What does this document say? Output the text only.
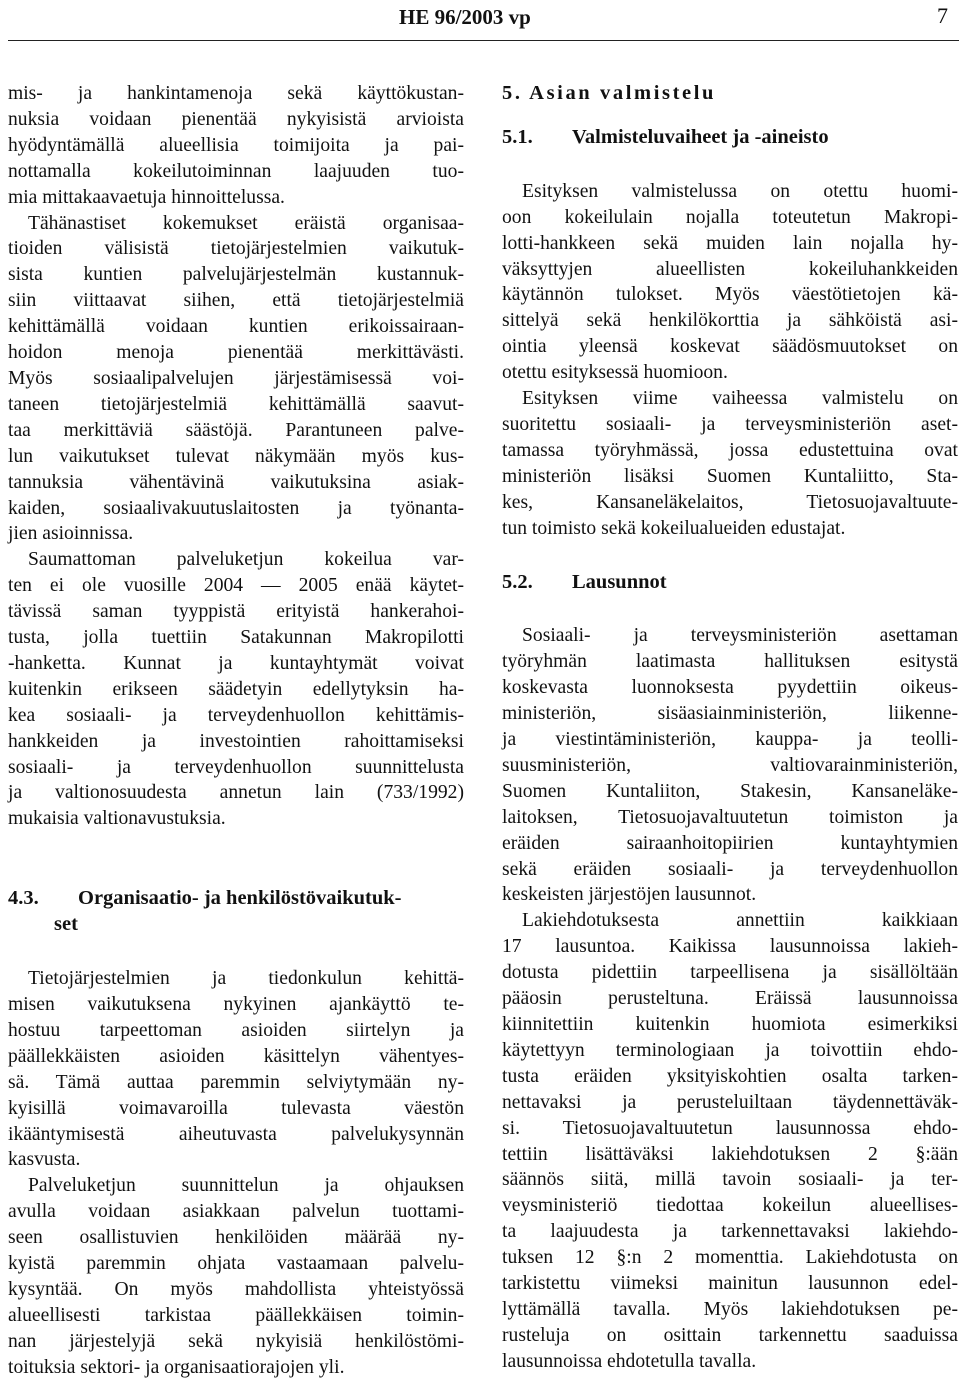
HE 96/2003 vp	7
mis- ja hankintamenoja sekä käyttökustan-
nuksia voidaan pienentää nykyisistä arvioista
hyödyntämällä alueellisia toimijoita ja pai-
nottamalla kokeilutoiminnan laajuuden tuo-
mia mittakaavaetuja hinnoittelussa.
Tähänastiset kokemukset eräistä organisaa-
tioiden välisistä tietojärjestelmien vaikutuk-
sista kuntien palvelujärjestelmän kustannuk-
siin viittaavat siihen, että tietojärjestelmiä
kehittämällä voidaan kuntien erikoissairaan-
hoidon menoja pienentää merkittävästi.
Myös sosiaalipalvelujen järjestämisessä voi-
taneen tietojärjestelmiä kehittämällä saavut-
taa merkittäviä säästöjä. Parantuneen palve-
lun vaikutukset tulevat näkymään myös kus-
tannuksia vähentävinä vaikutuksina asiak-
kaiden, sosiaalivakuutuslaitosten ja työnanta-
jien asioinnissa.
Saumattoman palveluketjun kokeilua var-
ten ei ole vuosille 2004 — 2005 enää käytet-
tävissä saman tyyppistä erityistä hankerahoi-
tusta, jolla tuettiin Satakunnan Makropilotti
-hanketta. Kunnat ja kuntayhtymät voivat
kuitenkin erikseen säädetyin edellytyksin ha-
kea sosiaali- ja terveydenhuollon kehittämis-
hankkeiden ja investointien rahoittamiseksi
sosiaali- ja terveydenhuollon suunnittelusta
ja valtionosuudesta annetun lain (733/1992)
mukaisia valtionavustuksia.
4.3. Organisaatio- ja henkilöstövaikutuk-
set
Tietojärjestelmien ja tiedonkulun kehittä-
misen vaikutuksena nykyinen ajankäyttö te-
hostuu tarpeettoman asioiden siirtelyn ja
päällekkäisten asioiden käsittelyn vähentyes-
sä. Tämä auttaa paremmin selviytymään ny-
kyisillä voimavaroilla tulevasta väestön
ikääntymisestä aiheutuvasta palvelukysynnän
kasvusta.
Palveluketjun suunnittelun ja ohjauksen
avulla voidaan asiakkaan palvelun tuottami-
seen osallistuvien henkilöiden määrää ny-
kyistä paremmin ohjata vastaamaan palvelu-
kysyntää. On myös mahdollista yhteistyössä
alueellisesti tarkistaa päällekkäisen toimin-
nan järjestelyjä sekä nykyisiä henkilöstömi-
toituksia sektori- ja organisaatiorajojen yli.
5. Asian valmistelu
5.1. Valmisteluvaiheet ja -aineisto
Esityksen valmistelussa on otettu huomi-
oon kokeilulain nojalla toteutetun Makropi-
lotti-hankkeen sekä muiden lain nojalla hy-
väksyttyjen alueellisten kokeiluhankkeiden
käytännön tulokset. Myös väestötietojen kä-
sittelyä sekä henkilökorttia ja sähköistä asi-
ointia yleensä koskevat säädösmuutokset on
otettu esityksessä huomioon.
Esityksen viime vaiheessa valmistelu on
suoritettu sosiaali- ja terveysministeriön aset-
tamassa työryhmässä, jossa edustettuina ovat
ministeriön lisäksi Suomen Kuntaliitto, Sta-
kes, Kansaneläkelaitos, Tietosuojavaltuute-
tun toimisto sekä kokeilualueiden edustajat.
5.2. Lausunnot
Sosiaali- ja terveysministeriön asettaman
työryhmän laatimasta hallituksen esitystä
koskevasta luonnoksesta pyydettiin oikeus-
ministeriön, sisäasiainministeriön, liikenne-
ja viestintäministeriön, kauppa- ja teolli-
suusministeriön, valtiovarainministeriön,
Suomen Kuntaliiton, Stakesin, Kansaneläke-
laitoksen, Tietosuojavaltuutetun toimiston ja
eräiden sairaanhoitopiirien kuntayhtymien
sekä eräiden sosiaali- ja terveydenhuollon
keskeisten järjestöjen lausunnot.
Lakiehdotuksesta annettiin kaikkiaan
17 lausuntoa. Kaikissa lausunnoissa lakieh-
dotusta pidettiin tarpeellisena ja sisällöltään
pääosin perusteltuna. Eräissä lausunnoissa
kiinnitettiin kuitenkin huomiota esimerkiksi
käytettyyn terminologiaan ja toivottiin ehdo-
tusta eräiden yksityiskohtien osalta tarken-
nettavaksi ja perusteluiltaan täydennettäväk-
si. Tietosuojavaltuutetun lausunnossa ehdo-
tettiin lisättäväksi lakiehdotuksen 2 §:ään
säännös siitä, millä tavoin sosiaali- ja ter-
veysministeriö tiedottaa kokeilun alueellises-
ta laajuudesta ja tarkennettavaksi lakiehdo-
tuksen 12 §:n 2 momenttia. Lakiehdotusta on
tarkistettu viimeksi mainitun lausunnon edel-
lyttämällä tavalla. Myös lakiehdotuksen pe-
rusteluja on osittain tarkennettu saaduissa
lausunnoissa ehdotetulla tavalla.
